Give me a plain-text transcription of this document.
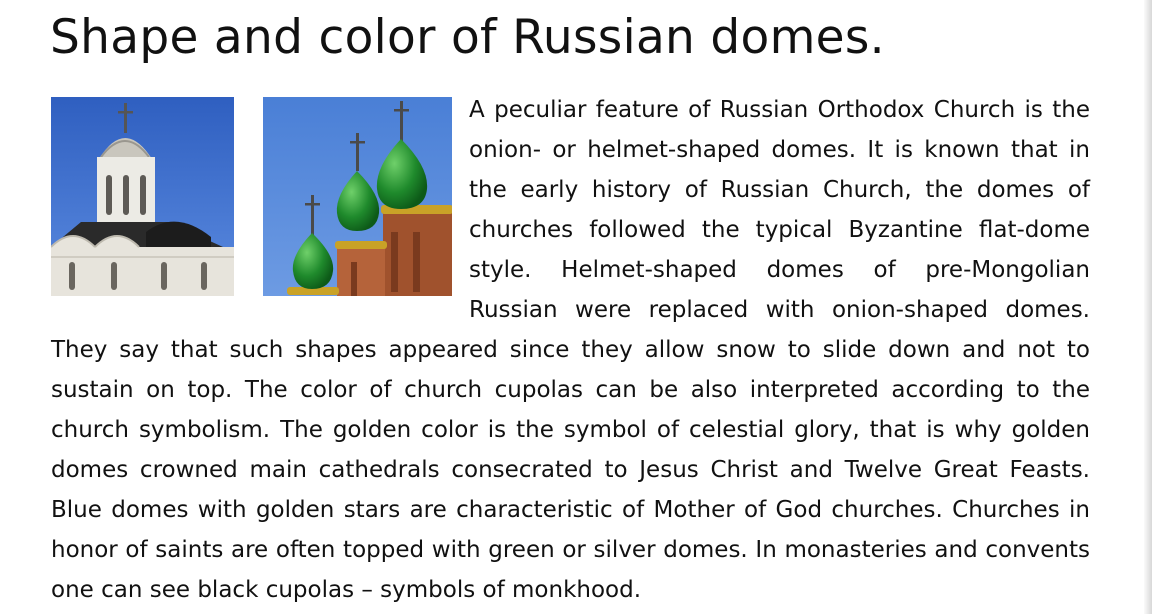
Shape and color of Russian domes.

A peculiar feature of Russian Orthodox Church is the onion- or helmet-shaped domes. It is known that in the early history of Russian Church, the domes of churches followed the typical Byzantine flat-dome style. Helmet-shaped domes of pre-Mongolian Russian were replaced with onion-shaped domes. They say that such shapes appeared since they allow snow to slide down and not to sustain on top. The color of church cupolas can be also interpreted according to the church symbolism. The golden color is the symbol of celestial glory, that is why golden domes crowned main cathedrals consecrated to Jesus Christ and Twelve Great Feasts. Blue domes with golden stars are characteristic of Mother of God churches. Churches in honor of saints are often topped with green or silver domes. In monasteries and convents one can see black cupolas – symbols of monkhood.
